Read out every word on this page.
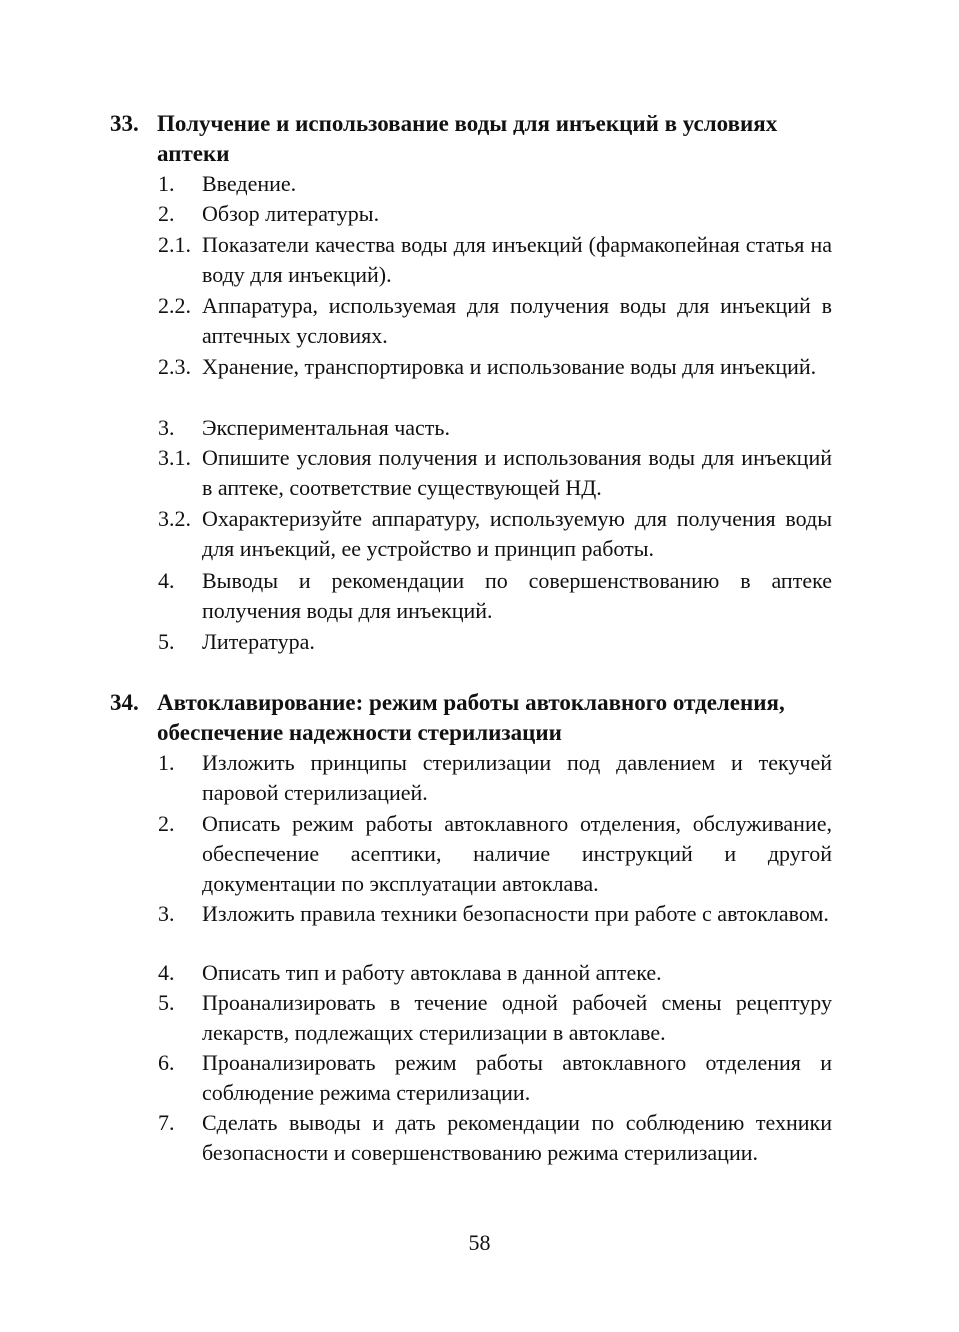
33. Получение и использование воды для инъекций в условиях аптеки
1. Введение.
2. Обзор литературы.
2.1. Показатели качества воды для инъекций (фармакопейная статья на воду для инъекций).
2.2. Аппаратура, используемая для получения воды для инъекций в аптечных условиях.
2.3. Хранение, транспортировка и использование воды для инъекций.
3. Экспериментальная часть.
3.1. Опишите условия получения и использования воды для инъекций в аптеке, соответствие существующей НД.
3.2. Охарактеризуйте аппаратуру, используемую для получения воды для инъекций, ее устройство и принцип работы.
4. Выводы и рекомендации по совершенствованию в аптеке получения воды для инъекций.
5. Литература.
34. Автоклавирование: режим работы автоклавного отделения, обеспечение надежности стерилизации
1. Изложить принципы стерилизации под давлением и текучей паровой стерилизацией.
2. Описать режим работы автоклавного отделения, обслуживание, обеспечение асептики, наличие инструкций и другой документации по эксплуатации автоклава.
3. Изложить правила техники безопасности при работе с автоклавом.
4. Описать тип и работу автоклава в данной аптеке.
5. Проанализировать в течение одной рабочей смены рецептуру лекарств, подлежащих стерилизации в автоклаве.
6. Проанализировать режим работы автоклавного отделения и соблюдение режима стерилизации.
7. Сделать выводы и дать рекомендации по соблюдению техники безопасности и совершенствованию режима стерилизации.
58
